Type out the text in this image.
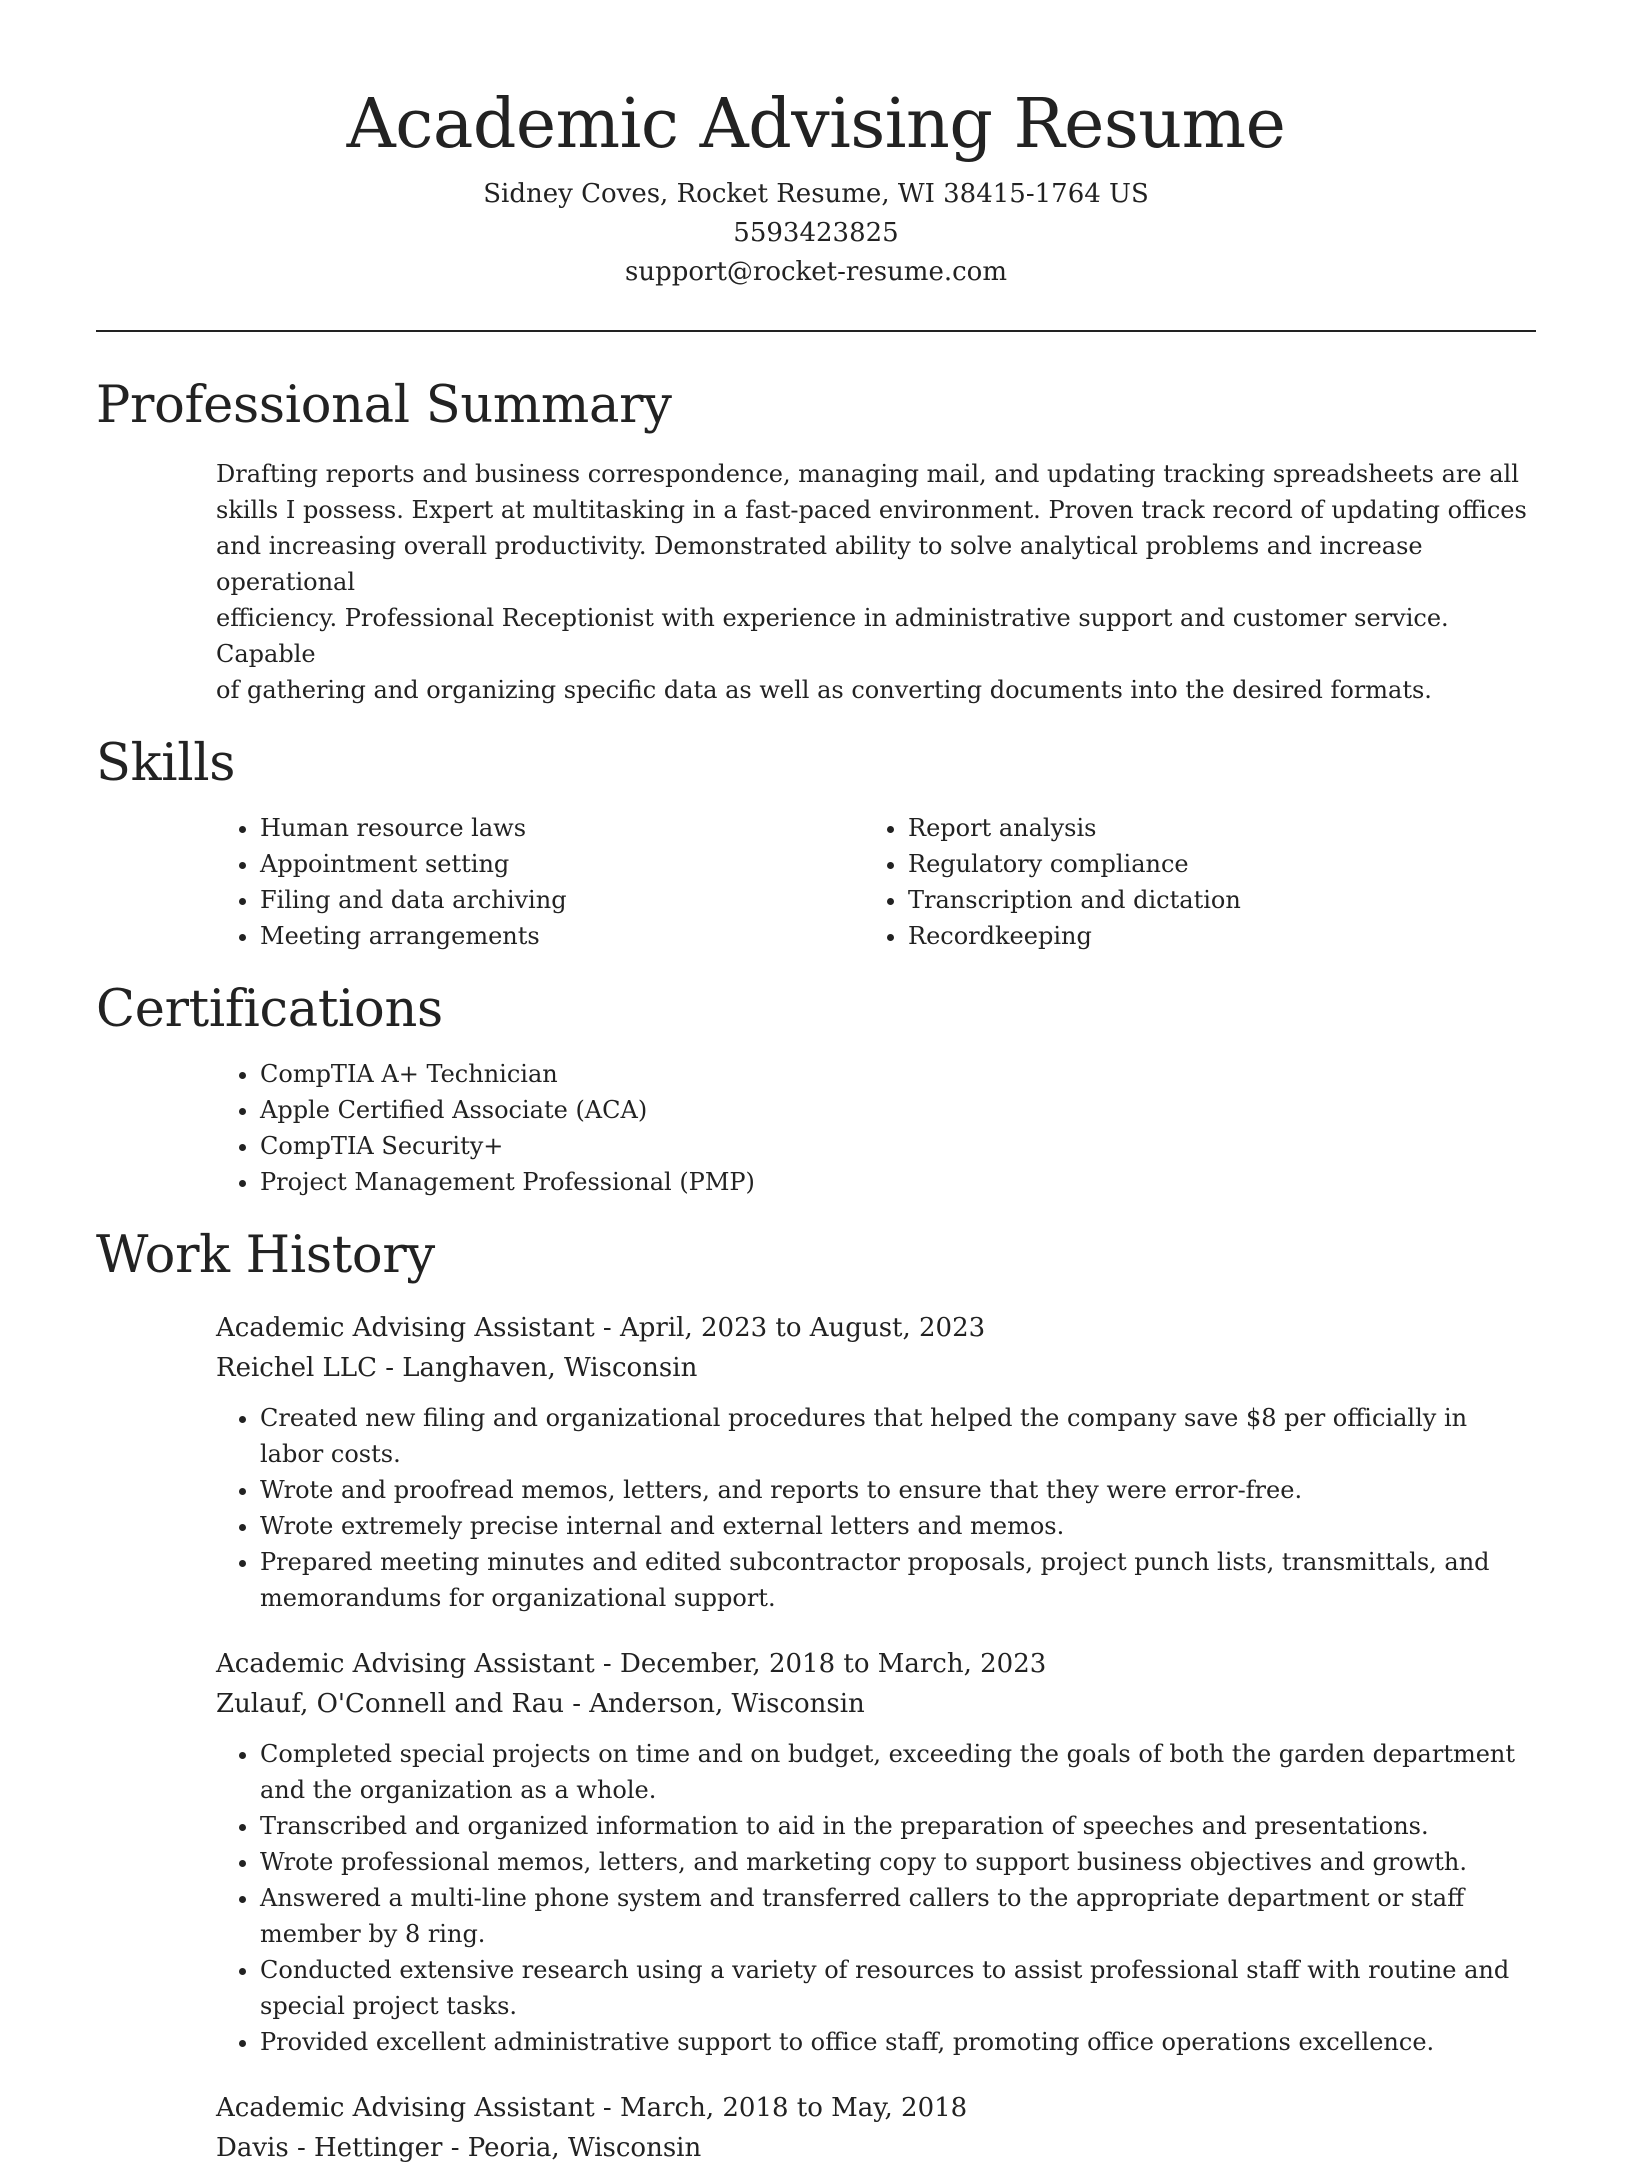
Academic Advising Resume
Sidney Coves, Rocket Resume, WI 38415-1764 US
5593423825
support@rocket-resume.com
Professional Summary
Drafting reports and business correspondence, managing mail, and updating tracking spreadsheets are all
skills I possess. Expert at multitasking in a fast-paced environment. Proven track record of updating offices
and increasing overall productivity. Demonstrated ability to solve analytical problems and increase operational
efficiency. Professional Receptionist with experience in administrative support and customer service. Capable
of gathering and organizing specific data as well as converting documents into the desired formats.
Skills
• Human resource laws
• Appointment setting
• Filing and data archiving
• Meeting arrangements
• Report analysis
• Regulatory compliance
• Transcription and dictation
• Recordkeeping
Certifications
• CompTIA A+ Technician
• Apple Certified Associate (ACA)
• CompTIA Security+
• Project Management Professional (PMP)
Work History
Academic Advising Assistant - April, 2023 to August, 2023
Reichel LLC - Langhaven, Wisconsin
• Created new filing and organizational procedures that helped the company save $8 per officially in labor costs.
• Wrote and proofread memos, letters, and reports to ensure that they were error-free.
• Wrote extremely precise internal and external letters and memos.
• Prepared meeting minutes and edited subcontractor proposals, project punch lists, transmittals, and memorandums for organizational support.
Academic Advising Assistant - December, 2018 to March, 2023
Zulauf, O'Connell and Rau - Anderson, Wisconsin
• Completed special projects on time and on budget, exceeding the goals of both the garden department and the organization as a whole.
• Transcribed and organized information to aid in the preparation of speeches and presentations.
• Wrote professional memos, letters, and marketing copy to support business objectives and growth.
• Answered a multi-line phone system and transferred callers to the appropriate department or staff member by 8 ring.
• Conducted extensive research using a variety of resources to assist professional staff with routine and special project tasks.
• Provided excellent administrative support to office staff, promoting office operations excellence.
Academic Advising Assistant - March, 2018 to May, 2018
Davis - Hettinger - Peoria, Wisconsin
